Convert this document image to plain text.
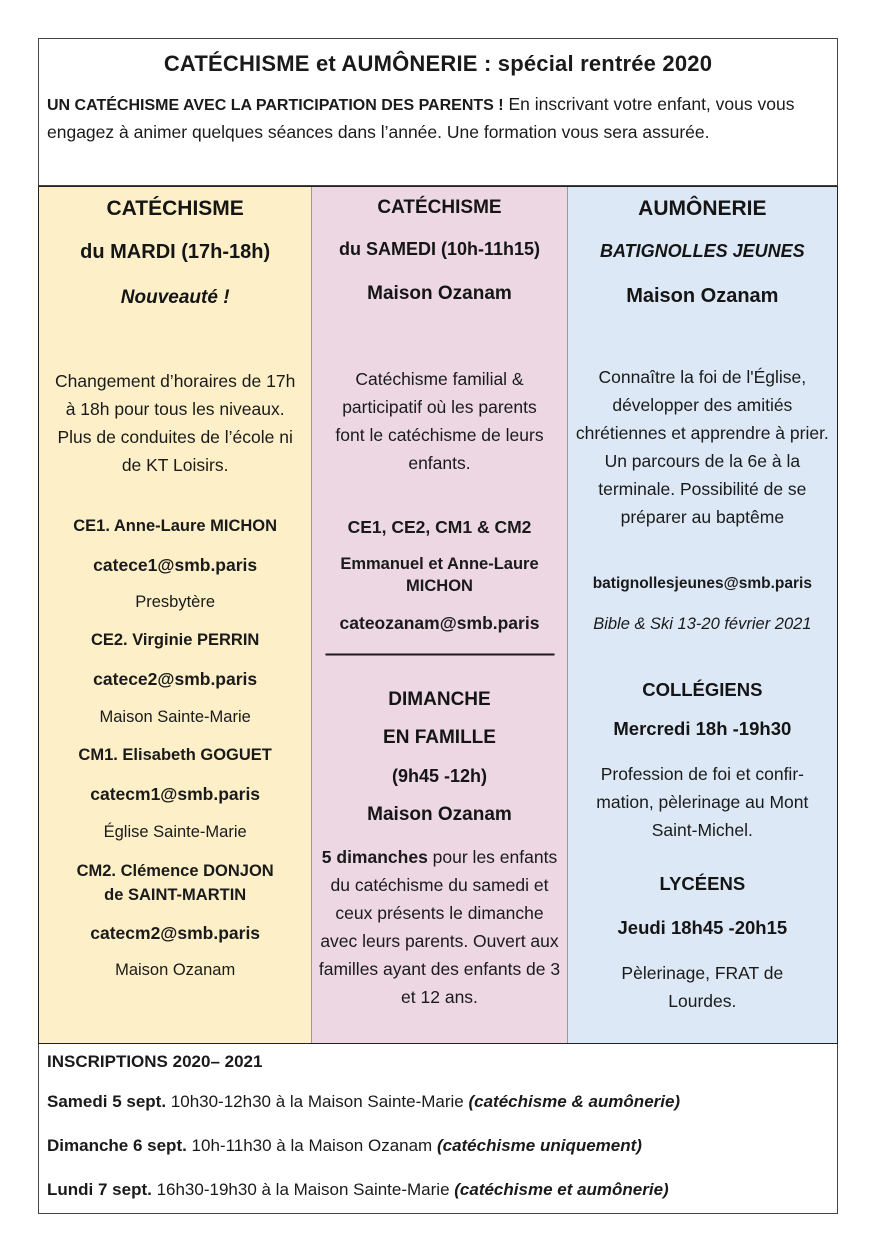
CATÉCHISME et AUMÔNERIE : spécial rentrée 2020
UN CATÉCHISME AVEC LA PARTICIPATION DES PARENTS ! En inscrivant votre enfant, vous vous engagez à animer quelques séances dans l’année. Une formation vous sera assurée.
CATÉCHISME
du MARDI (17h-18h)
Nouveauté !
Changement d’horaires de 17h à 18h pour tous les niveaux. Plus de conduites de l’école ni de KT Loisirs.
CE1. Anne-Laure MICHON
catece1@smb.paris
Presbytère
CE2. Virginie PERRIN
catece2@smb.paris
Maison Sainte-Marie
CM1. Elisabeth GOGUET
catecm1@smb.paris
Église Sainte-Marie
CM2. Clémence DONJON de SAINT-MARTIN
catecm2@smb.paris
Maison Ozanam
CATÉCHISME
du SAMEDI (10h-11h15)
Maison Ozanam
Catéchisme familial & participatif où les parents font le catéchisme de leurs enfants.
CE1, CE2, CM1 & CM2
Emmanuel et Anne-Laure MICHON
cateozanam@smb.paris
————————————
DIMANCHE
EN FAMILLE
(9h45 -12h)
Maison Ozanam
5 dimanches pour les enfants du catéchisme du samedi et ceux présents le dimanche avec leurs parents. Ouvert aux familles ayant des enfants de 3 et 12 ans.
AUMÔNERIE
BATIGNOLLES JEUNES
Maison Ozanam
Connaître la foi de l'Église, développer des amitiés chrétiennes et apprendre à prier. Un parcours de la 6e à la terminale. Possibilité de se préparer au baptême
batignollesjeunes@smb.paris
Bible & Ski 13-20 février 2021
COLLÉGIENS
Mercredi 18h -19h30
Profession de foi et confir-mation, pèlerinage au Mont Saint-Michel.
LYCÉENS
Jeudi 18h45 -20h15
Pèlerinage, FRAT de Lourdes.
INSCRIPTIONS 2020– 2021
Samedi 5 sept. 10h30-12h30 à la Maison Sainte-Marie (catéchisme & aumônerie)
Dimanche 6 sept. 10h-11h30 à la Maison Ozanam (catéchisme uniquement)
Lundi 7 sept. 16h30-19h30 à la Maison Sainte-Marie (catéchisme et aumônerie)
